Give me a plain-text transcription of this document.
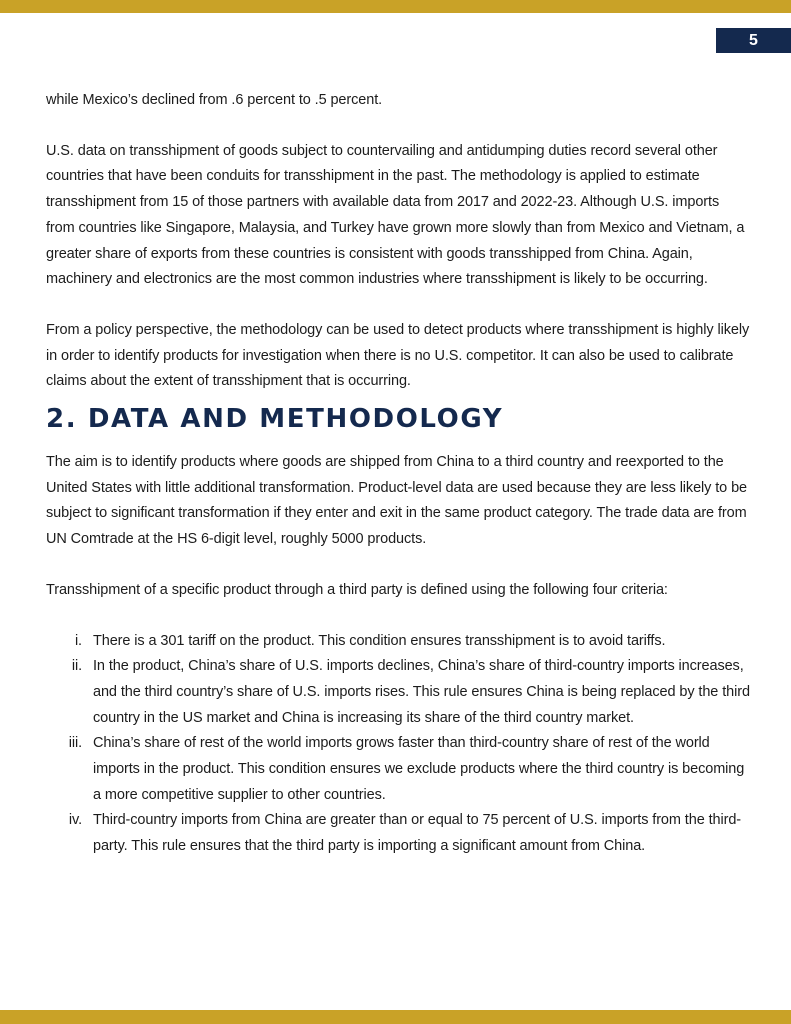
5

while Mexico’s declined from .6 percent to .5 percent.

U.S. data on transshipment of goods subject to countervailing and antidumping duties record several other countries that have been conduits for transshipment in the past. The methodology is applied to estimate transshipment from 15 of those partners with available data from 2017 and 2022-23. Although U.S. imports from countries like Singapore, Malaysia, and Turkey have grown more slowly than from Mexico and Vietnam, a greater share of exports from these countries is consistent with goods transshipped from China. Again, machinery and electronics are the most common industries where transshipment is likely to be occurring.

From a policy perspective, the methodology can be used to detect products where transshipment is highly likely in order to identify products for investigation when there is no U.S. competitor. It can also be used to calibrate claims about the extent of transshipment that is occurring.

2. DATA AND METHODOLOGY

The aim is to identify products where goods are shipped from China to a third country and reexported to the United States with little additional transformation. Product-level data are used because they are less likely to be subject to significant transformation if they enter and exit in the same product category. The trade data are from UN Comtrade at the HS 6-digit level, roughly 5000 products.

Transshipment of a specific product through a third party is defined using the following four criteria:

i. There is a 301 tariff on the product. This condition ensures transshipment is to avoid tariffs.
ii. In the product, China’s share of U.S. imports declines, China’s share of third-country imports increases, and the third country’s share of U.S. imports rises. This rule ensures China is being replaced by the third country in the US market and China is increasing its share of the third country market.
iii. China’s share of rest of the world imports grows faster than third-country share of rest of the world imports in the product. This condition ensures we exclude products where the third country is becoming a more competitive supplier to other countries.
iv. Third-country imports from China are greater than or equal to 75 percent of U.S. imports from the third-party. This rule ensures that the third party is importing a significant amount from China.
